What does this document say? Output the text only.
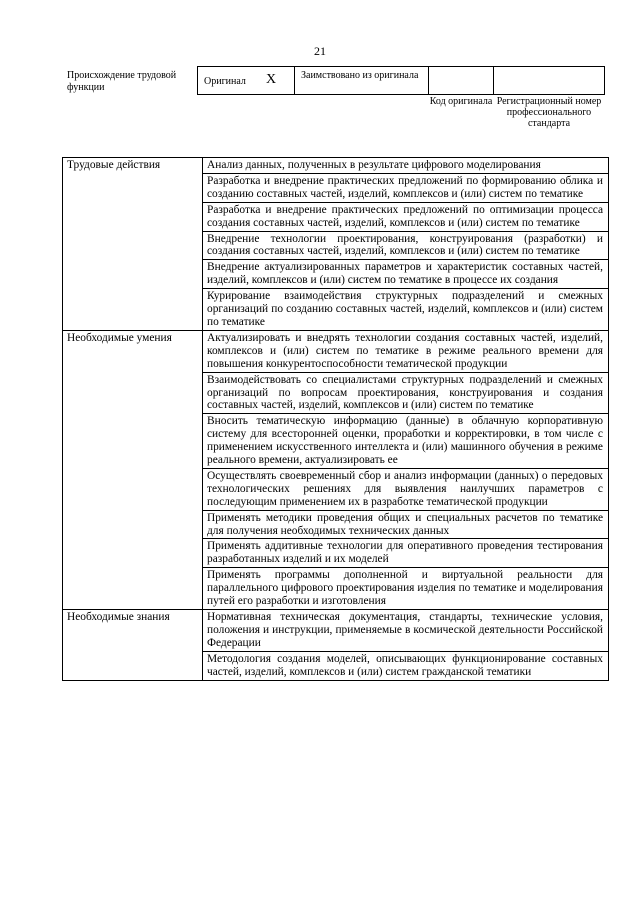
21
Происхождение трудовой функции
Оригинал X Заимствовано из оригинала
Код оригинала Регистрационный номер профессионального стандарта
Трудовые действия	Анализ данных, полученных в результате цифрового моделирования
	Разработка и внедрение практических предложений по формированию облика и созданию составных частей, изделий, комплексов и (или) систем по тематике
	Разработка и внедрение практических предложений по оптимизации процесса создания составных частей, изделий, комплексов и (или) систем по тематике
	Внедрение технологии проектирования, конструирования (разработки) и создания составных частей, изделий, комплексов и (или) систем по тематике
	Внедрение актуализированных параметров и характеристик составных частей, изделий, комплексов и (или) систем по тематике в процессе их создания
	Курирование взаимодействия структурных подразделений и смежных организаций по созданию составных частей, изделий, комплексов и (или) систем по тематике
Необходимые умения	Актуализировать и внедрять технологии создания составных частей, изделий, комплексов и (или) систем по тематике в режиме реального времени для повышения конкурентоспособности тематической продукции
	Взаимодействовать со специалистами структурных подразделений и смежных организаций по вопросам проектирования, конструирования и создания составных частей, изделий, комплексов и (или) систем по тематике
	Вносить тематическую информацию (данные) в облачную корпоративную систему для всесторонней оценки, проработки и корректировки, в том числе с применением искусственного интеллекта и (или) машинного обучения в режиме реального времени, актуализировать ее
	Осуществлять своевременный сбор и анализ информации (данных) о передовых технологических решениях для выявления наилучших параметров с последующим применением их в разработке тематической продукции
	Применять методики проведения общих и специальных расчетов по тематике для получения необходимых технических данных
	Применять аддитивные технологии для оперативного проведения тестирования разработанных изделий и их моделей
	Применять программы дополненной и виртуальной реальности для параллельного цифрового проектирования изделия по тематике и моделирования путей его разработки и изготовления
Необходимые знания	Нормативная техническая документация, стандарты, технические условия, положения и инструкции, применяемые в космической деятельности Российской Федерации
	Методология создания моделей, описывающих функционирование составных частей, изделий, комплексов и (или) систем гражданской тематики
